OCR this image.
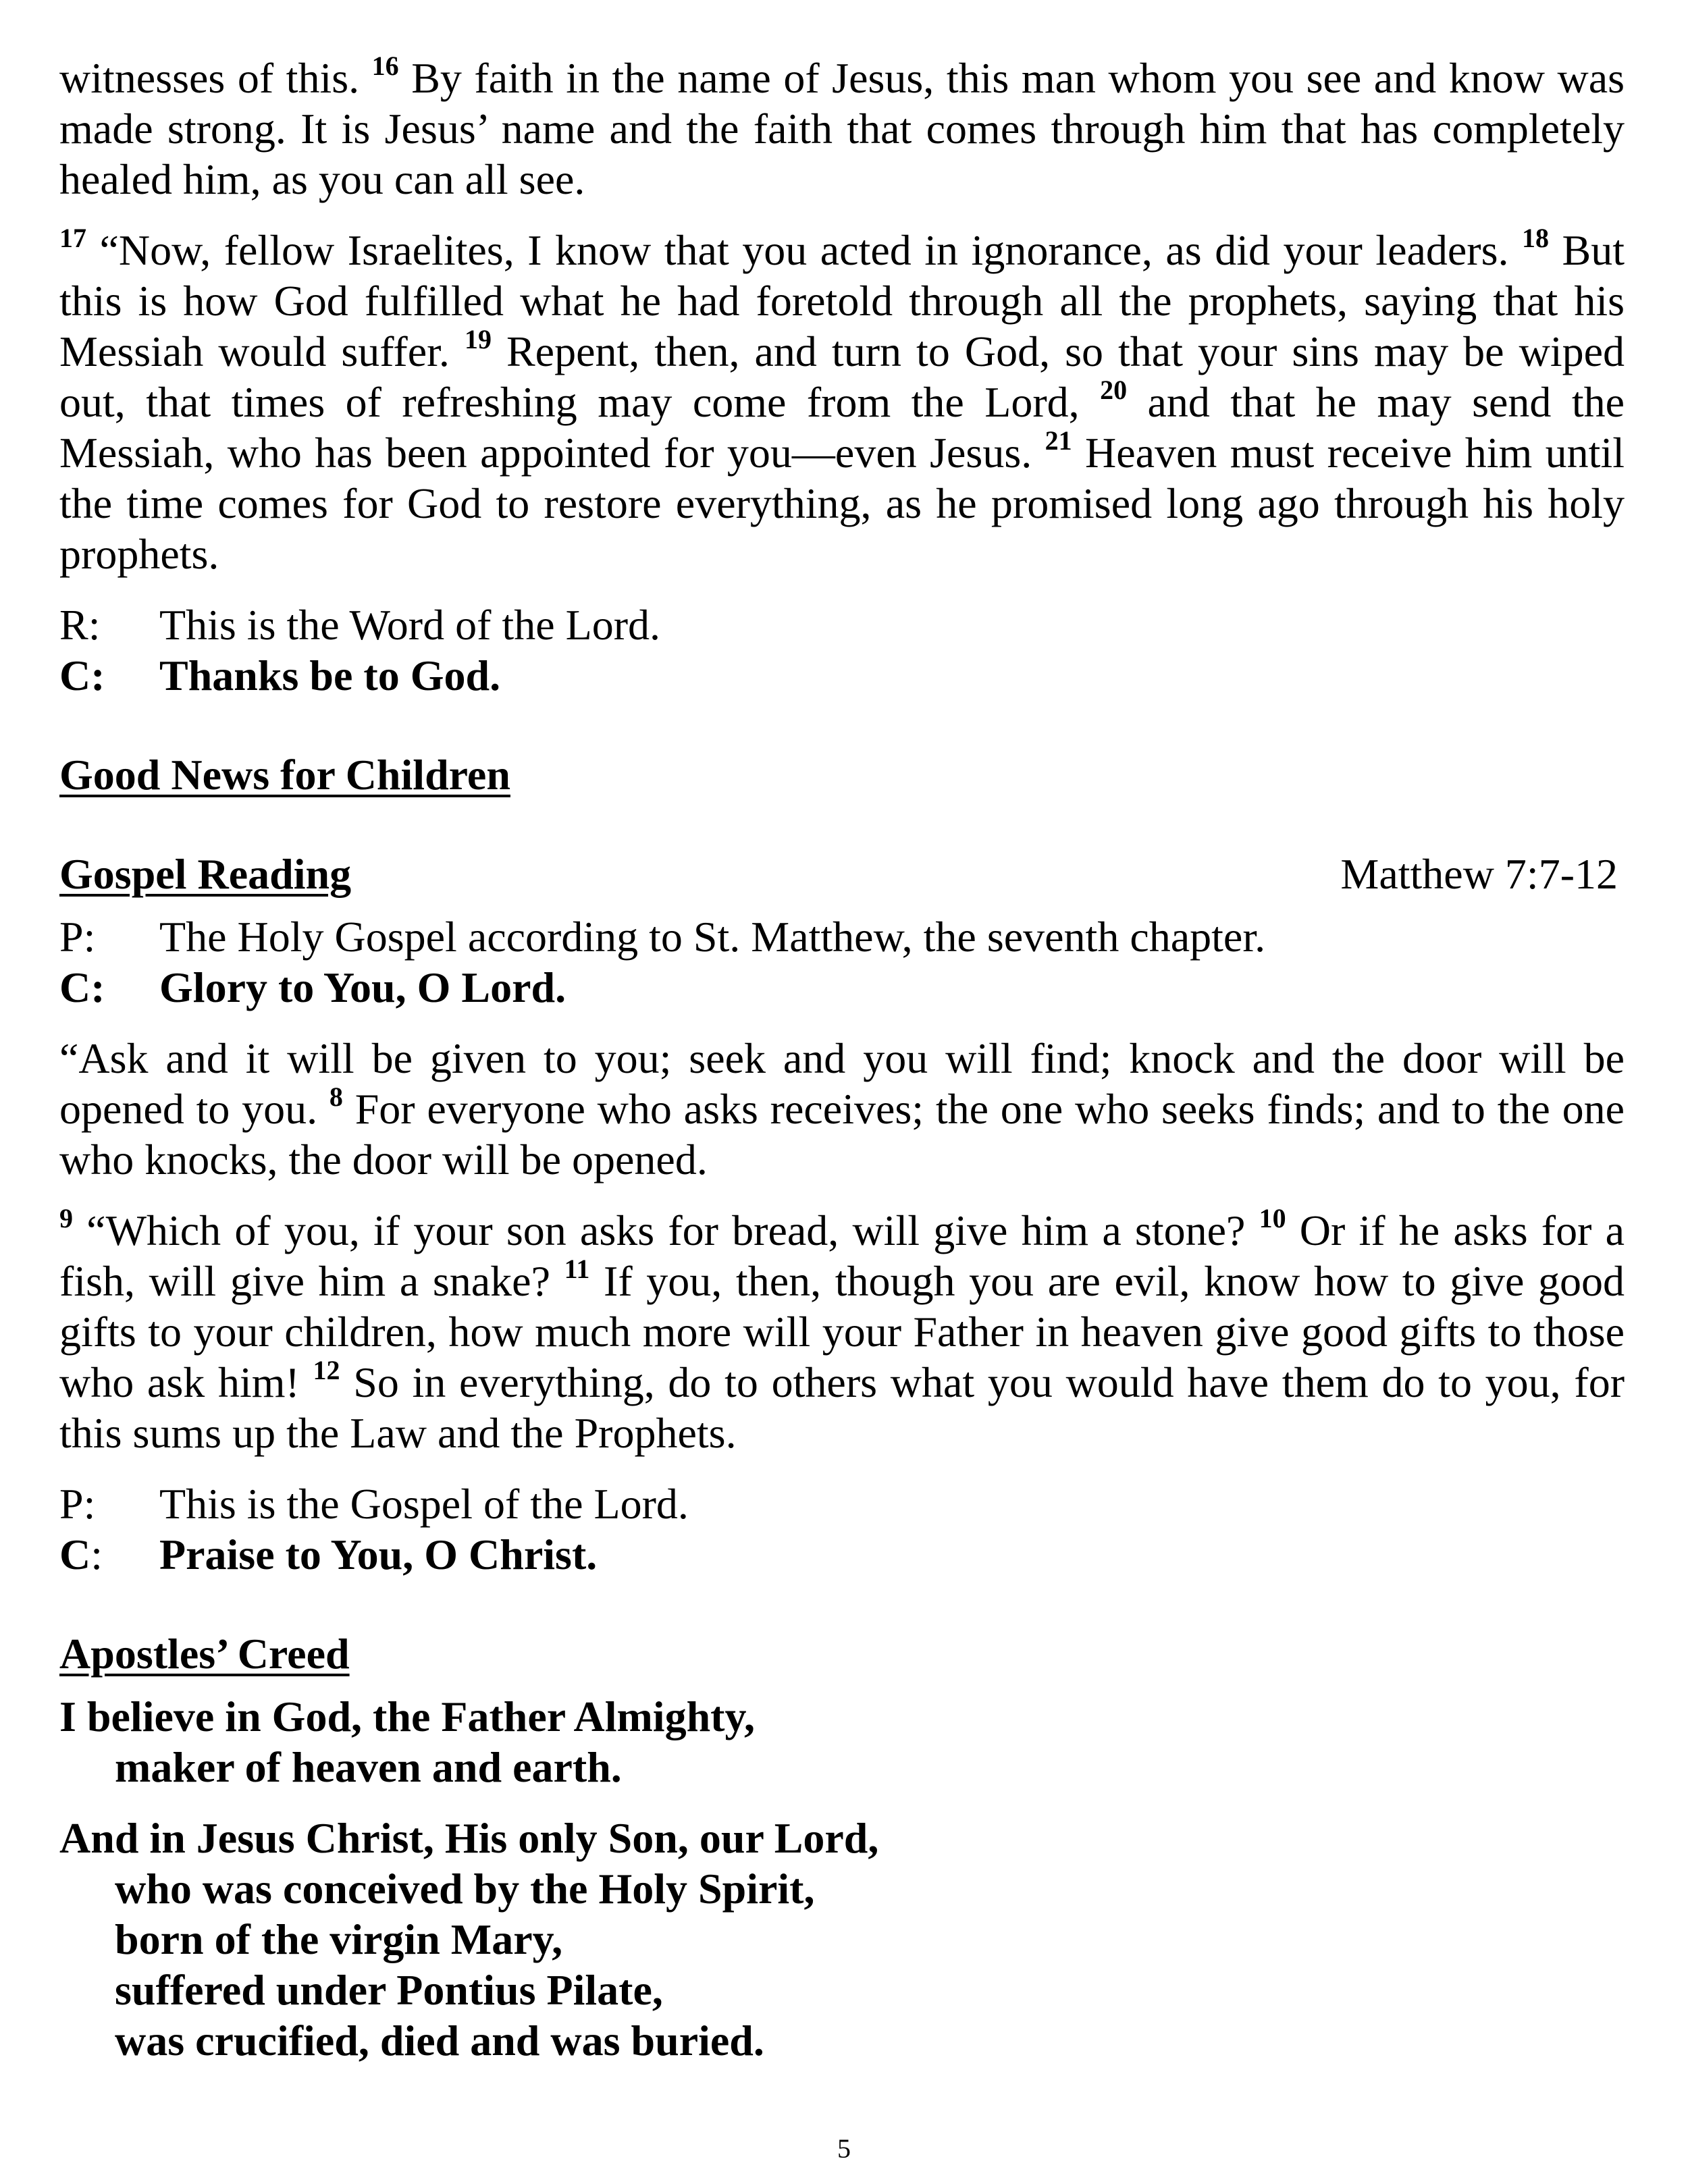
witnesses of this. $^{16}$ By faith in the name of Jesus, this man whom you see and know was made strong. It is Jesus’ name and the faith that comes through him that has completely healed him, as you can all see.

$^{17}$ “Now, fellow Israelites, I know that you acted in ignorance, as did your leaders. $^{18}$ But this is how God fulfilled what he had foretold through all the prophets, saying that his Messiah would suffer. $^{19}$ Repent, then, and turn to God, so that your sins may be wiped out, that times of refreshing may come from the Lord, $^{20}$ and that he may send the Messiah, who has been appointed for you—even Jesus. $^{21}$ Heaven must receive him until the time comes for God to restore everything, as he promised long ago through his holy prophets.

R:	This is the Word of the Lord.
C:	Thanks be to God.

Good News for Children

Gospel Reading	Matthew 7:7-12
P:	The Holy Gospel according to St. Matthew, the seventh chapter.
C:	Glory to You, O Lord.

“Ask and it will be given to you; seek and you will find; knock and the door will be opened to you. $^8$ For everyone who asks receives; the one who seeks finds; and to the one who knocks, the door will be opened.

$^9$ “Which of you, if your son asks for bread, will give him a stone? $^{10}$ Or if he asks for a fish, will give him a snake? $^{11}$ If you, then, though you are evil, know how to give good gifts to your children, how much more will your Father in heaven give good gifts to those who ask him! $^{12}$ So in everything, do to others what you would have them do to you, for this sums up the Law and the Prophets.

P:	This is the Gospel of the Lord.
C:	Praise to You, O Christ.

Apostles’ Creed

I believe in God, the Father Almighty,

maker of heaven and earth.

And in Jesus Christ, His only Son, our Lord,

who was conceived by the Holy Spirit,

born of the virgin Mary,

suffered under Pontius Pilate,

was crucified, died and was buried.

5
